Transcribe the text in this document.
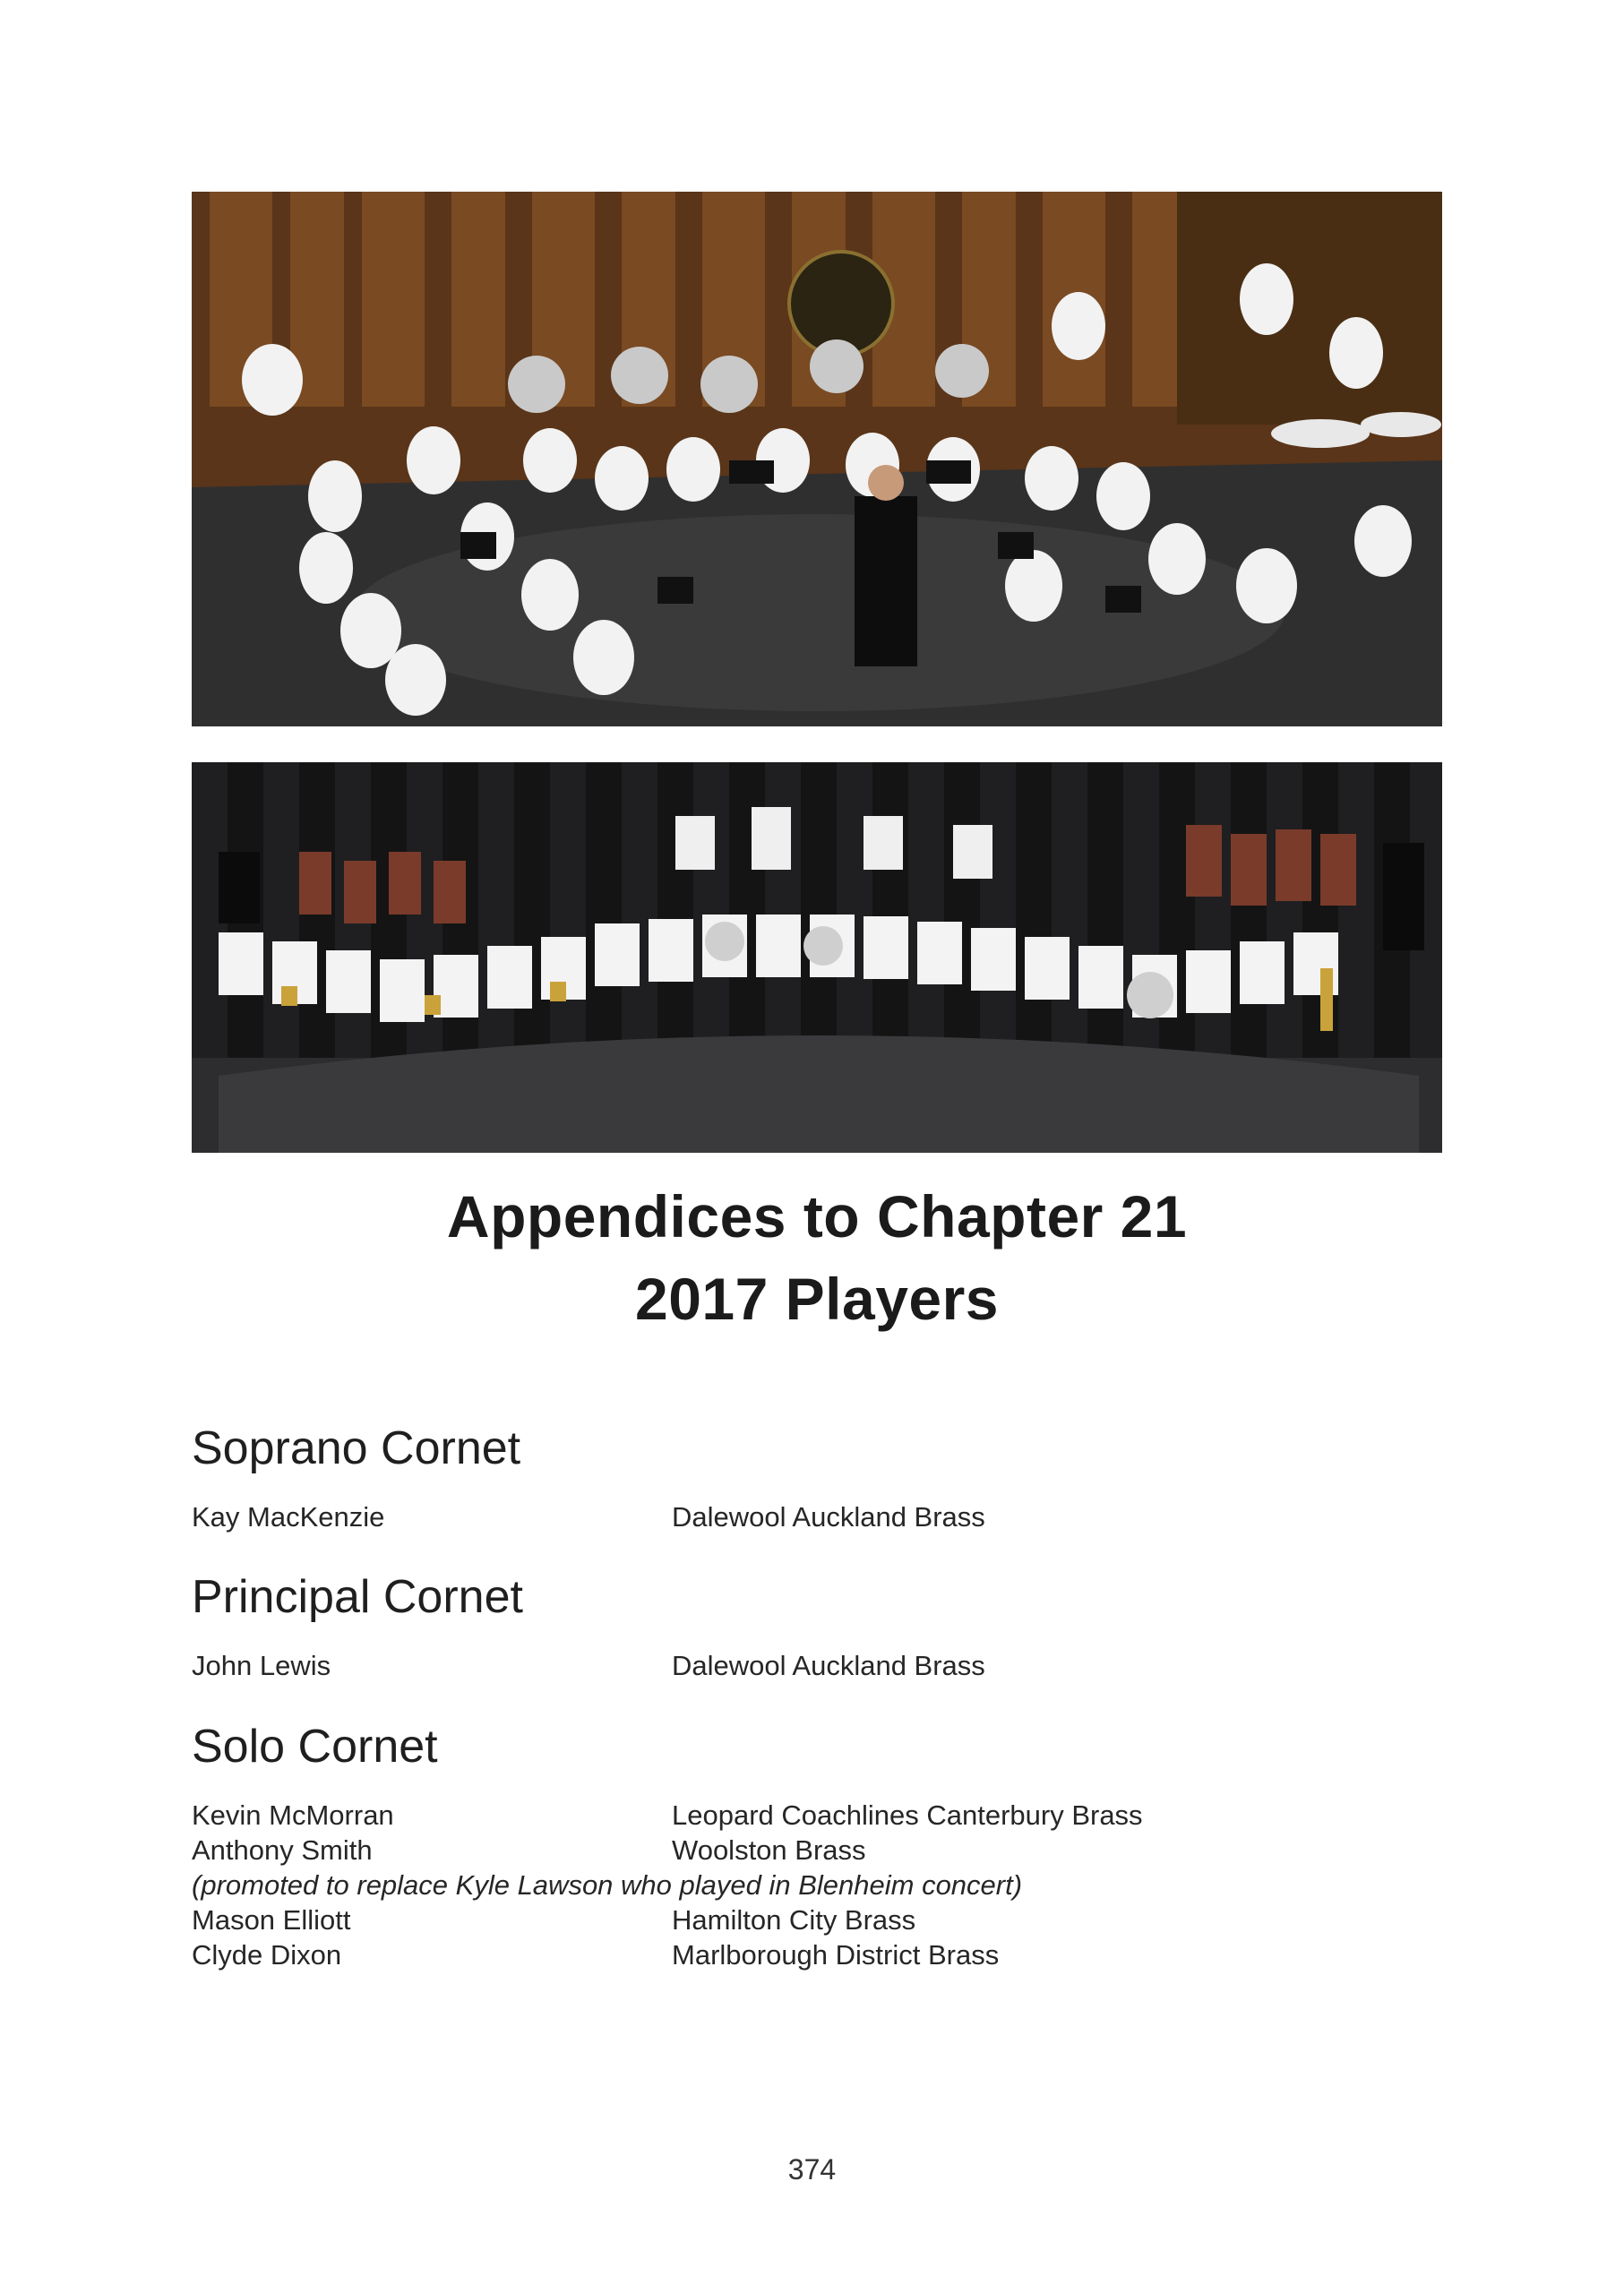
Appendices to Chapter 21
2017 Players
Soprano Cornet
Kay MacKenzie	Dalewool Auckland Brass
Principal Cornet
John Lewis	Dalewool Auckland Brass
Solo Cornet
Kevin McMorran	Leopard Coachlines Canterbury Brass
Anthony Smith	Woolston Brass
(promoted to replace Kyle Lawson who played in Blenheim concert)
Mason Elliott	Hamilton City Brass
Clyde Dixon	Marlborough District Brass
374
